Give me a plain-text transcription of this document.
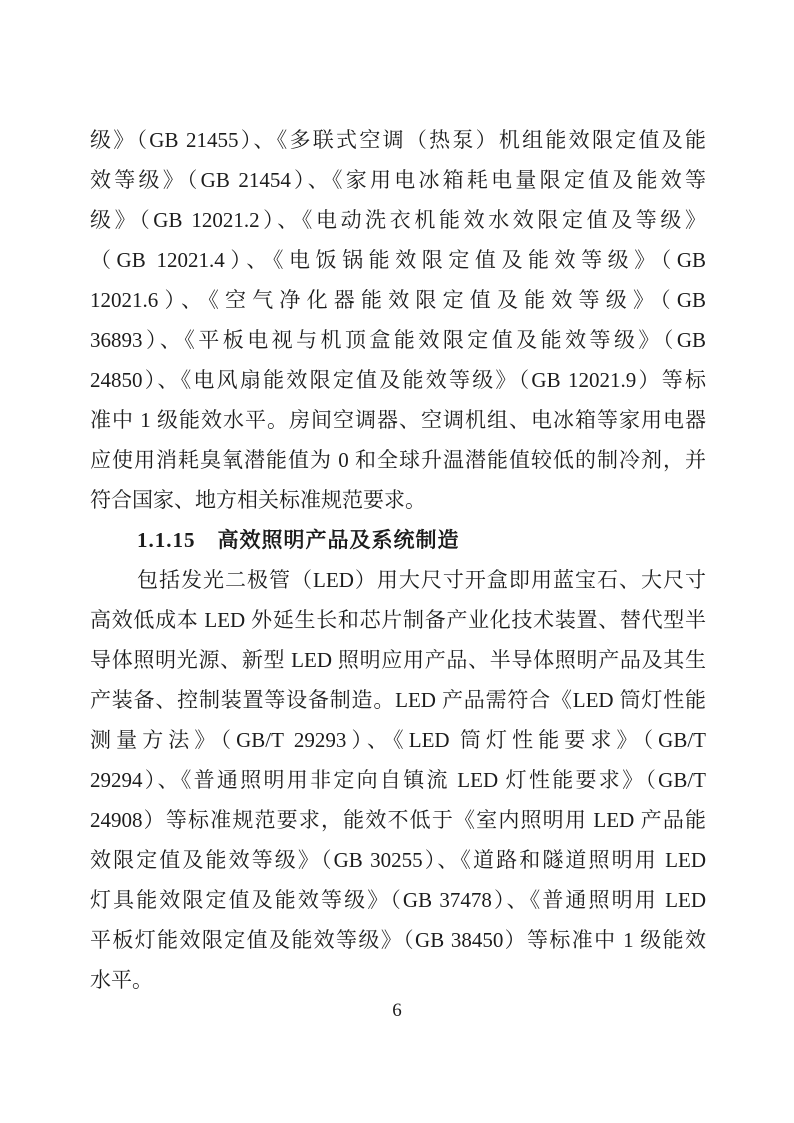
级》（GB 21455）、《多联式空调（热泵）机组能效限定值及能
效等级》（GB 21454）、《家用电冰箱耗电量限定值及能效等
级》（GB 12021.2）、《电动洗衣机能效水效限定值及等级》
（GB 12021.4）、《电饭锅能效限定值及能效等级》（GB
12021.6）、《空气净化器能效限定值及能效等级》（GB
36893）、《平板电视与机顶盒能效限定值及能效等级》（GB
24850）、《电风扇能效限定值及能效等级》（GB 12021.9）等标
准中 1 级能效水平。房间空调器、空调机组、电冰箱等家用电器
应使用消耗臭氧潜能值为 0 和全球升温潜能值较低的制冷剂，并
符合国家、地方相关标准规范要求。
1.1.15 高效照明产品及系统制造
包括发光二极管（LED）用大尺寸开盒即用蓝宝石、大尺寸
高效低成本 LED 外延生长和芯片制备产业化技术装置、替代型半
导体照明光源、新型 LED 照明应用产品、半导体照明产品及其生
产装备、控制装置等设备制造。LED 产品需符合《LED 筒灯性能
测量方法》（GB/T 29293）、《LED 筒灯性能要求》（GB/T
29294）、《普通照明用非定向自镇流 LED 灯性能要求》（GB/T
24908）等标准规范要求，能效不低于《室内照明用 LED 产品能
效限定值及能效等级》（GB 30255）、《道路和隧道照明用 LED
灯具能效限定值及能效等级》（GB 37478）、《普通照明用 LED
平板灯能效限定值及能效等级》（GB 38450）等标准中 1 级能效
水平。
6
